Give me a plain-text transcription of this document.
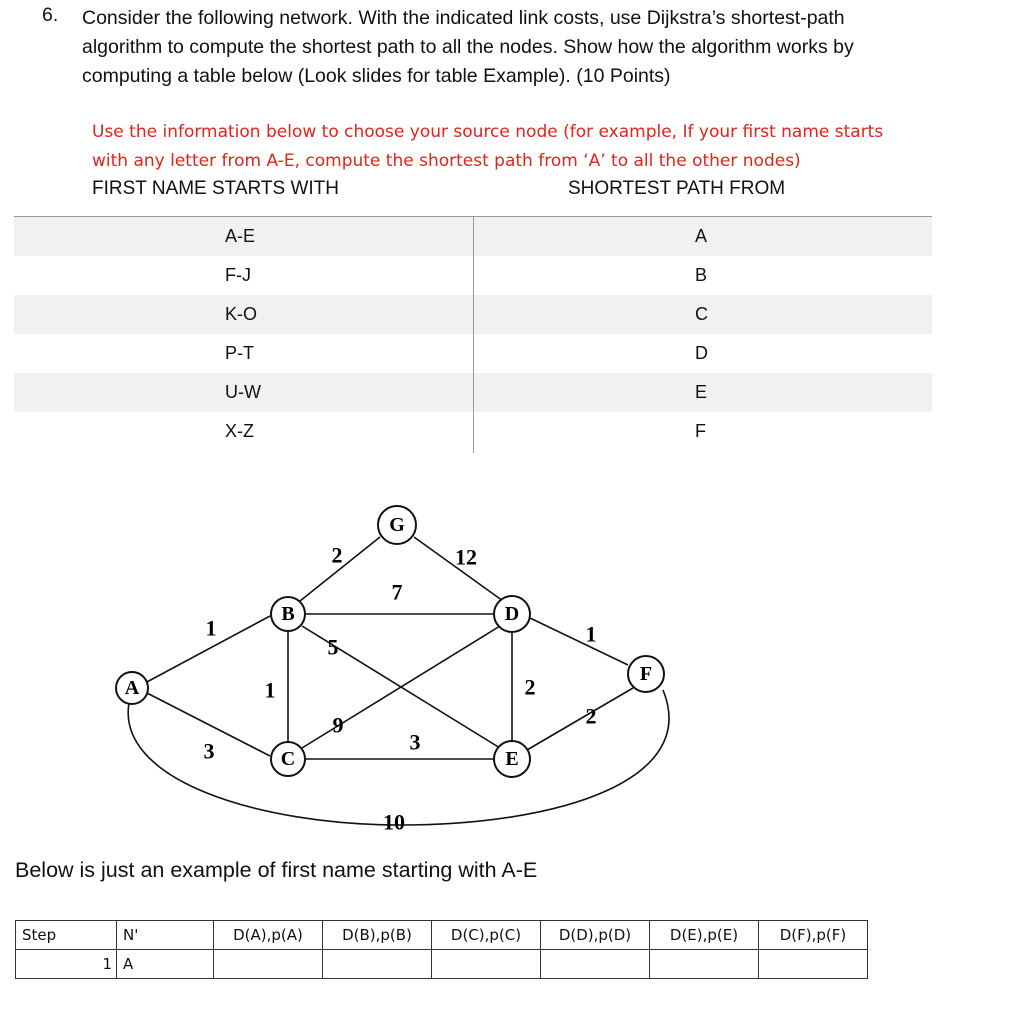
6. Consider the following network. With the indicated link costs, use Dijkstra’s shortest-path
algorithm to compute the shortest path to all the nodes. Show how the algorithm works by
computing a table below (Look slides for table Example). (10 Points)
Use the information below to choose your source node (for example, If your first name starts
with any letter from A-E, compute the shortest path from ‘A’ to all the other nodes)
FIRST NAME STARTS WITH	SHORTEST PATH FROM
A-E	A
F-J	B
K-O	C
P-T	D
U-W	E
X-Z	F
1
3
2	12
7
1
5
9
3
2
1
2
10
A
B
C
D
E
F
G
Below is just an example of first name starting with A-E
Step	N'	D(A),p(A)	D(B),p(B)	D(C),p(C)	D(D),p(D)	D(E),p(E)	D(F),p(F)
1	A						
